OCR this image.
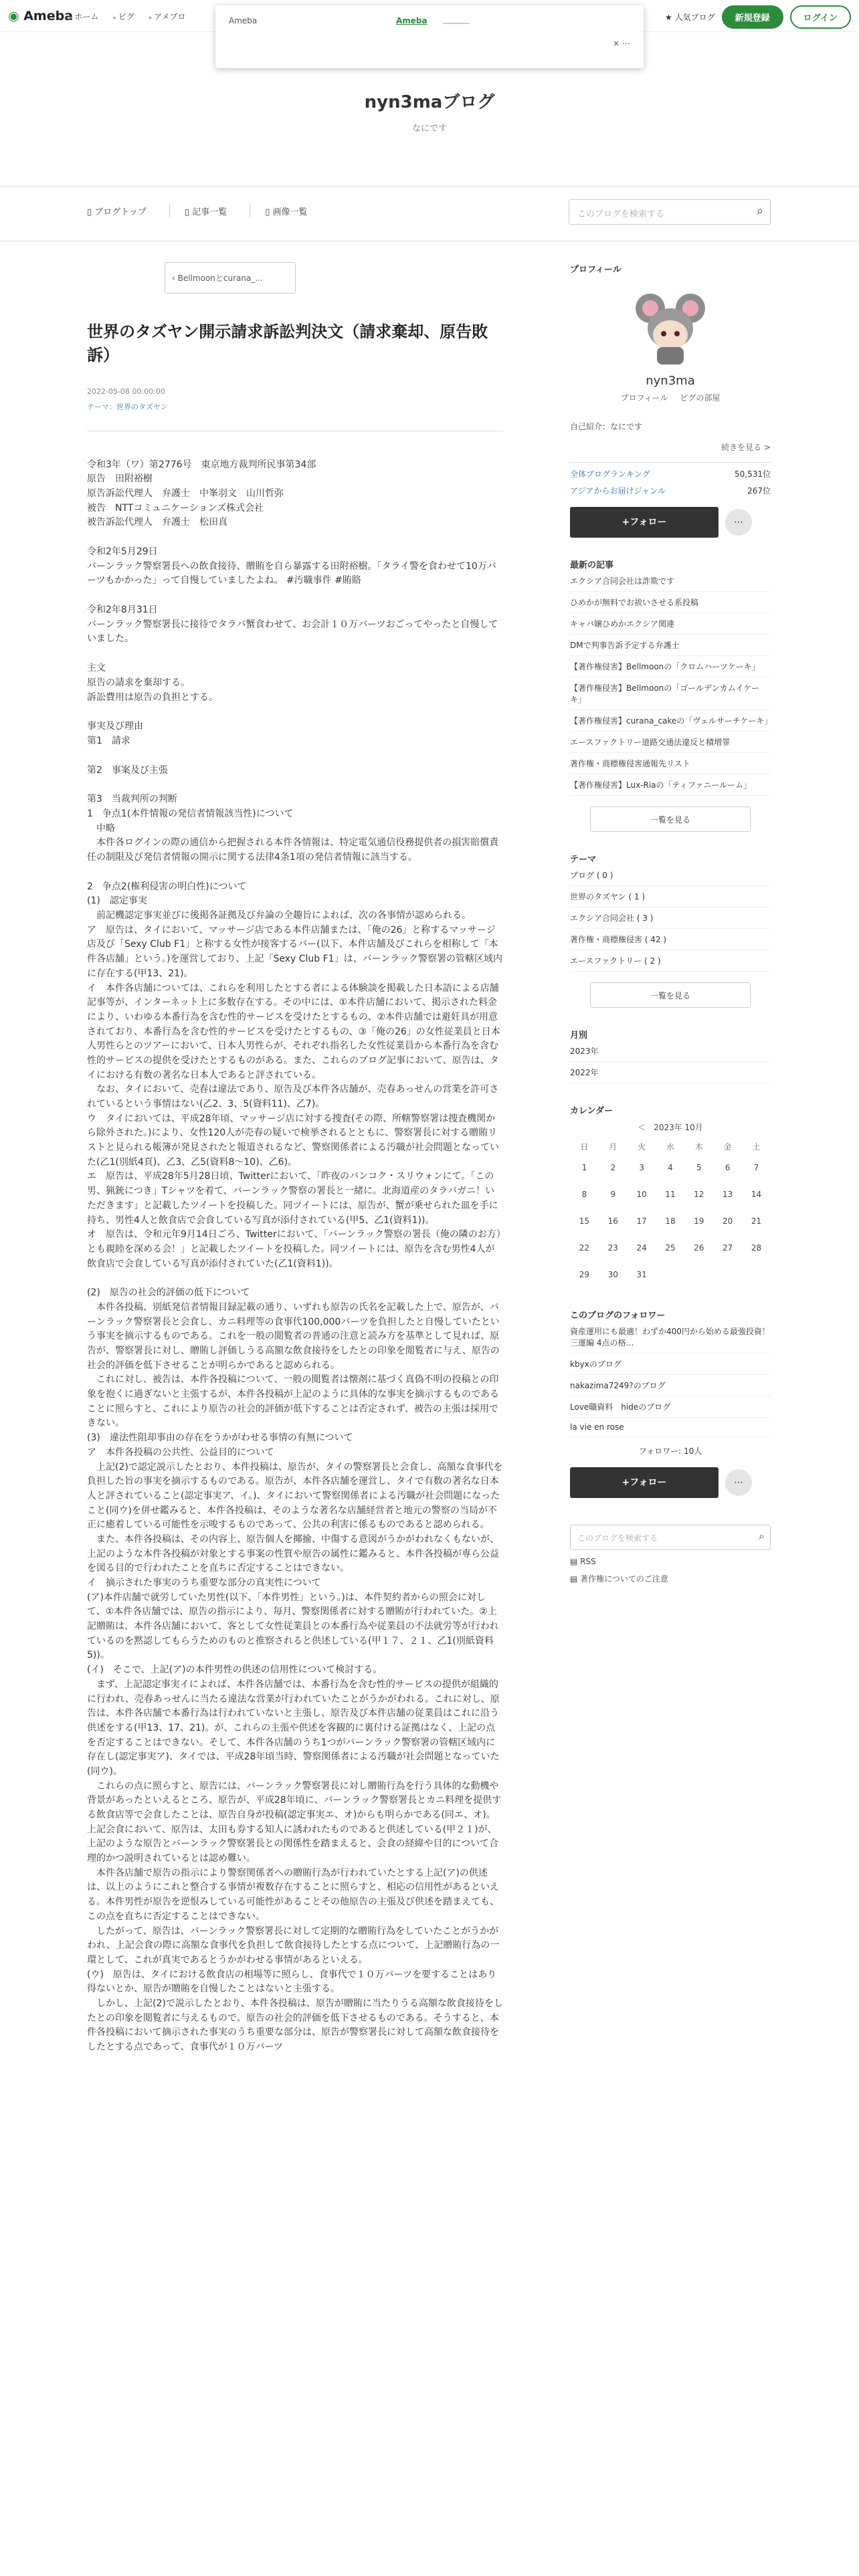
◉ Ameba ▸ ホーム	▸ ピグ	▸ アメブロ	★ 人気ブログ	新規登録	ログイン
Ameba	Ameba
× ⋯
nyn3maブログ
なにです
▯ ブログトップ	▯ 記事一覧	▯ 画像一覧	このブログを検索する	⌕
‹ Bellmoonとcurana_...
世界のタズヤン開示請求訴訟判決文（請求棄却、原告敗訴）
2022-05-08 00:00:00
テーマ：世界のタズヤン

令和3年（ワ）第2776号　東京地方裁判所民事第34部
原告　田附裕樹
原告訴訟代理人　弁護士　中峯羽文　山川哲弥
被告　NTTコミュニケーションズ株式会社
被告訴訟代理人　弁護士　松田真

令和2年5月29日
バーンラック警察署長への飲食接待、贈賄を自ら暴露する田附裕樹。「タライ警を食わせて10万バーツもかかった」って自慢していましたよね。 #汚職事件 #賄賂

令和2年8月31日
バーンラック警察署長に接待でタラバ蟹食わせて、お会計１０万バーツおごってやったと自慢していました。

主文
原告の請求を棄却する。
訴訟費用は原告の負担とする。

事実及び理由
第1　請求

第2　事案及び主張

第3　当裁判所の判断
1　争点1(本件情報の発信者情報該当性)について
　中略
　本件各ログインの際の通信から把握される本件各情報は、特定電気通信役務提供者の損害賠償責任の制限及び発信者情報の開示に関する法律4条1項の発信者情報に該当する。

2　争点2(権利侵害の明白性)について
(1)　認定事実
　前記機認定事実並びに後掲各証拠及び弁論の全趣旨によれば、次の各事情が認められる。
ア　原告は、タイにおいて、マッサージ店である本件店舗または、「俺の26」と称するマッサージ店及び「Sexy Club F1」と称する女性が接客するバー(以下、本件店舗及びこれらを相称して「本件各店舗」という。)を運営しており、上記「Sexy Club F1」は、バーンラック警察署の管轄区域内に存在する(甲13、21)。
イ　本件各店舗については、これらを利用したとする者による体験談を掲載した日本語による店舗記事等が、インターネット上に多数存在する。その中には、①本件店舗において、掲示された料金により、いわゆる本番行為を含む性的サービスを受けたとするもの、②本件店舗では避妊具が用意されており、本番行為を含む性的サービスを受けたとするもの、③「俺の26」の女性従業員と日本人男性らとのツアーにおいて、日本人男性らが、それぞれ指名した女性従業員から本番行為を含む性的サービスの提供を受けたとするものがある。また、これらのブログ記事において、原告は、タイにおける有数の著名な日本人であると評されている。
　なお、タイにおいて、売春は違法であり、原告及び本件各店舗が、売春あっせんの営業を許可されているという事情はない(乙2、3、5(資料11)、乙7)。
ウ　タイにおいては、平成28年頃、マッサージ店に対する捜査(その際、所轄警察署は捜査機関から除外された。)により、女性120人が売春の疑いで検挙されるとともに、警察署長に対する贈賄リストと見られる帳簿が発見されたと報道されるなど、警察関係者による汚職が社会問題となっていた(乙1(別紙4頁)、乙3、乙5(資料8〜10)、乙6)。
エ　原告は、平成28年5月28日頃、Twitterにおいて、「昨夜のバンコク・スリウォンにて。「この男、猟銃につき」Tシャツを着て、バーンラック警察の署長と一緒に。北海道産のタラバガニ！いただきます」と記載したツイートを投稿した。同ツイートには、原告が、蟹が乗せられた皿を手に持ち、男性4人と飲食店で会食している写真が添付されている(甲5、乙1(資料1))。
オ　原告は、令和元年9月14日ごろ、Twitterにおいて、「バーンラック警察の署長（俺の隣のお方）とも親睦を深める会！」と記載したツイートを投稿した。同ツイートには、原告を含む男性4人が飲食店で会食している写真が添付されていた(乙1(資料1))。

(2)　原告の社会的評価の低下について
　本件各投稿、別紙発信者情報目録記載の通り、いずれも原告の氏名を記載した上で、原告が、バーンラック警察署長と会食し、カニ料理等の食事代100,000バーツを負担したと自慢していたという事実を摘示するものである。これを一般の閲覧者の普通の注意と読み方を基準として見れば、原告が、警察署長に対し、贈賄し評価しうる高額な飲食接待をしたとの印象を閲覧者に与え、原告の社会的評価を低下させることが明らかであると認められる。
　これに対し、被告は、本件各投稿について、一般の閲覧者は懐剤に基づく真偽不明の投稿との印象を抱くに過ぎないと主張するが、本件各投稿が上記のように具体的な事実を摘示するものであることに照らすと、これにより原告の社会的評価が低下することは否定されず、被告の主張は採用できない。
(3)　違法性阻却事由の存在をうかがわせる事情の有無について
ア　本件各投稿の公共性、公益目的について
　上記(2)で認定説示したとおり、本件投稿は、原告が、タイの警察署長と会食し、高額な食事代を負担した旨の事実を摘示するものである。原告が、本件各店舗を運営し、タイで有数の著名な日本人と評されていること(認定事実ア、イ。)、タイにおいて警察関係者による汚職が社会問題になったこと(同ウ)を併せ鑑みると、本件各投稿は、そのような著名な店舗経営者と地元の警察の当局が不正に癒着している可能性を示唆するものであって、公共の利害に係るものであると認められる。
　また、本件各投稿は、その内容上、原告個人を揶揄、中傷する意図がうかがわれなくもないが、上記のような本件各投稿が対象とする事案の性質や原告の属性に鑑みると、本件各投稿が専ら公益を図る目的で行われたことを直ちに否定することはできない。
イ　摘示された事実のうち重要な部分の真実性について
(ア)本件店舗で就労していた男性(以下、「本件男性」という。)は、本件契約者からの照会に対して、①本件各店舗では、原告の指示により、毎月、警察関係者に対する贈賄が行われていた。②上記贈賄は、本件各店舗において、客として女性従業員との本番行為や従業員の不法就労等が行われているのを黙認してもらうためのものと推察されると供述している(甲１７、２１、乙1(別紙資料5))。
(イ)　そこで、上記(ア)の本件男性の供述の信用性について検討する。
　まず、上記認定事実イによれば、本件各店舗では、本番行為を含む性的サービスの提供が組織的に行われ、売春あっせんに当たる違法な営業が行われていたことがうかがわれる。これに対し、原告は、本件各店舗で本番行為は行われていないと主張し、原告及び本件店舗の従業員はこれに沿う供述をする(甲13、17、21)。が、これらの主張や供述を客観的に裏付ける証拠はなく、上記の点を否定することはできない。そして、本件各店舗のうち1つがバーンラック警察署の管轄区域内に存在し(認定事実ア)、タイでは、平成28年頃当時、警察関係者による汚職が社会問題となっていた(同ウ)。
　これらの点に照らすと、原告には、バーンラック警察署長に対し贈賄行為を行う具体的な動機や背景があったといえるところ、原告が、平成28年頃に、バーンラック警察署長とカニ料理を提供する飲食店等で会食したことは、原告自身が投稿(認定事実エ、オ)からも明らかである(同エ、オ)。上記会食において、原告は、太田も券する知人に誘われたものであると供述している(甲２１)が、上記のような原告とバーンラック警察署長との関係性を踏まえると、会食の経緯や目的について合理的かつ説明されているとは認め難い。
　本件各店舗で原告の指示により警察関係者への贈賄行為が行われていたとする上記(ア)の供述は、以上のようにこれと整合する事情が複数存在することに照らすと、相応の信用性があるといえる。本件男性が原告を逆恨みしている可能性があることその他原告の主張及び供述を踏まえても、この点を直ちに否定することはできない。
　したがって、原告は、バーンラック警察署長に対して定期的な贈賄行為をしていたことがうかがわれ、上記会食の際に高額な食事代を負担して飲食接待したとする点について、上記贈賄行為の一環として、これが真実であるとうかがわせる事情があるといえる。
(ウ)　原告は、タイにおける飲食店の相場等に照らし、食事代で１０万バーツを要することはあり得ないとか、原告が贈賄を自慢したことはないと主張する。
　しかし、上記(2)で説示したとおり、本件各投稿は、原告が贈賄に当たりうる高額な飲食接待をしたとの印象を閲覧者に与えるもので、原告の社会的評価を低下させるものである。そうすると、本件各投稿において摘示された事実のうち重要な部分は、原告が警察署長に対して高額な飲食接待をしたとする点であって、食事代が１０万バーツ

プロフィール
nyn3ma
プロフィール ピグの部屋
自己紹介：なにです
続きを見る >
全体ブログランキング	50,531位
アジアからお届けジャンル	267位
+フォロー	⋯
最新の記事
エクシア合同会社は詐欺です
ひめかが無料でお祓いさせる系投稿
キャバ嬢ひめかエクシア関連
DMで判事告訴予定する弁護士
【著作権侵害】Bellmoonの「クロムハーツケーキ」
【著作権侵害】Bellmoonの「ゴールデンカムイケーキ」
【著作権侵害】curana_cakeの「ヴェルサーチケーキ」
エースファクトリー道路交通法違反と積増罪
著作権・商標権侵害通報先リスト
【著作権侵害】Lux-Riaの「ティファニールーム」
一覧を見る
テーマ
ブログ ( 0 )
世界のタズヤン ( 1 )
エクシア合同会社 ( 3 )
著作権・商標権侵害 ( 42 )
エースファクトリー ( 2 )
一覧を見る
月別
2023年
2022年
カレンダー
＜　2023年 10月　
日	月	火	水	木	金	土
1	2	3	4	5	6	7
8	9	10	11	12	13	14
15	16	17	18	19	20	21
22	23	24	25	26	27	28
29	30	31				
このブログのフォロワー
資産運用にも最適！わずか400円から始める最強投資！三運編 4点の格…
kbyxのブログ
nakazima7249?のブログ
Love職資料　hideのブログ
la vie en rose
フォロワー: 10人
+フォロー	⋯
このブログを検索する	⌕
▤ RSS
▤ 著作権についてのご注意
